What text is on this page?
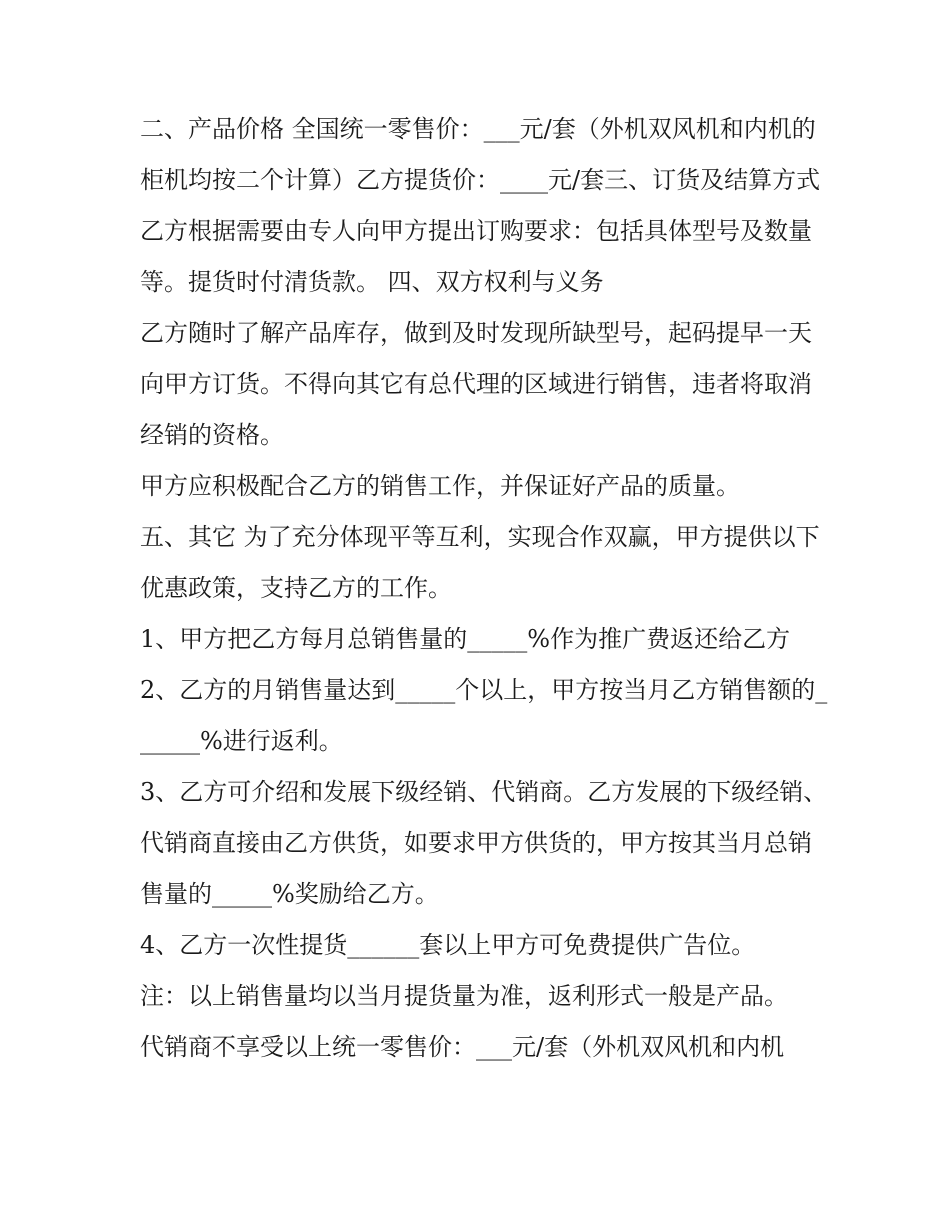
二、产品价格 全国统一零售价：___元/套（外机双风机和内机的柜机均按二个计算）乙方提货价：____元/套三、订货及结算方式

乙方根据需要由专人向甲方提出订购要求：包括具体型号及数量等。提货时付清货款。 四、双方权利与义务

乙方随时了解产品库存，做到及时发现所缺型号，起码提早一天向甲方订货。不得向其它有总代理的区域进行销售，违者将取消经销的资格。

甲方应积极配合乙方的销售工作，并保证好产品的质量。

五、其它 为了充分体现平等互利，实现合作双赢，甲方提供以下优惠政策，支持乙方的工作。

1、甲方把乙方每月总销售量的_____%作为推广费返还给乙方

2、乙方的月销售量达到_____个以上，甲方按当月乙方销售额的______%进行返利。

3、乙方可介绍和发展下级经销、代销商。乙方发展的下级经销、代销商直接由乙方供货，如要求甲方供货的，甲方按其当月总销售量的_____%奖励给乙方。

4、乙方一次性提货______套以上甲方可免费提供广告位。

注：以上销售量均以当月提货量为准，返利形式一般是产品。

代销商不享受以上统一零售价：___元/套（外机双风机和内机
